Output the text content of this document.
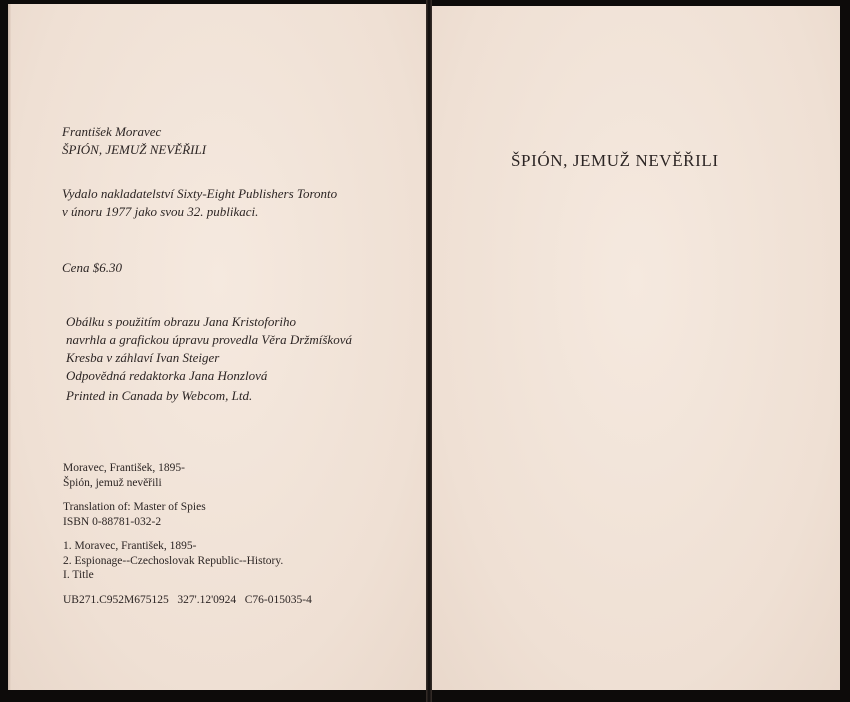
František Moravec
ŠPIÓN, JEMUŽ NEVĚŘILI
Vydalo nakladatelství Sixty-Eight Publishers Toronto
v únoru 1977 jako svou 32. publikaci.
Cena $6.30
Obálku s použitím obrazu Jana Kristoforiho
navrhla a grafickou úpravu provedla Věra Držmíšková
Kresba v záhlaví Ivan Steiger
Odpovědná redaktorka Jana Honzlová
Printed in Canada by Webcom, Ltd.
Moravec, František, 1895-
Špión, jemuž nevěřili
Translation of: Master of Spies
ISBN 0-88781-032-2
1. Moravec, František, 1895-
2. Espionage--Czechoslovak Republic--History.
I. Title
UB271.C952M675125   327'.12'0924   C76-015035-4
ŠPIÓN, JEMUŽ NEVĚŘILI
